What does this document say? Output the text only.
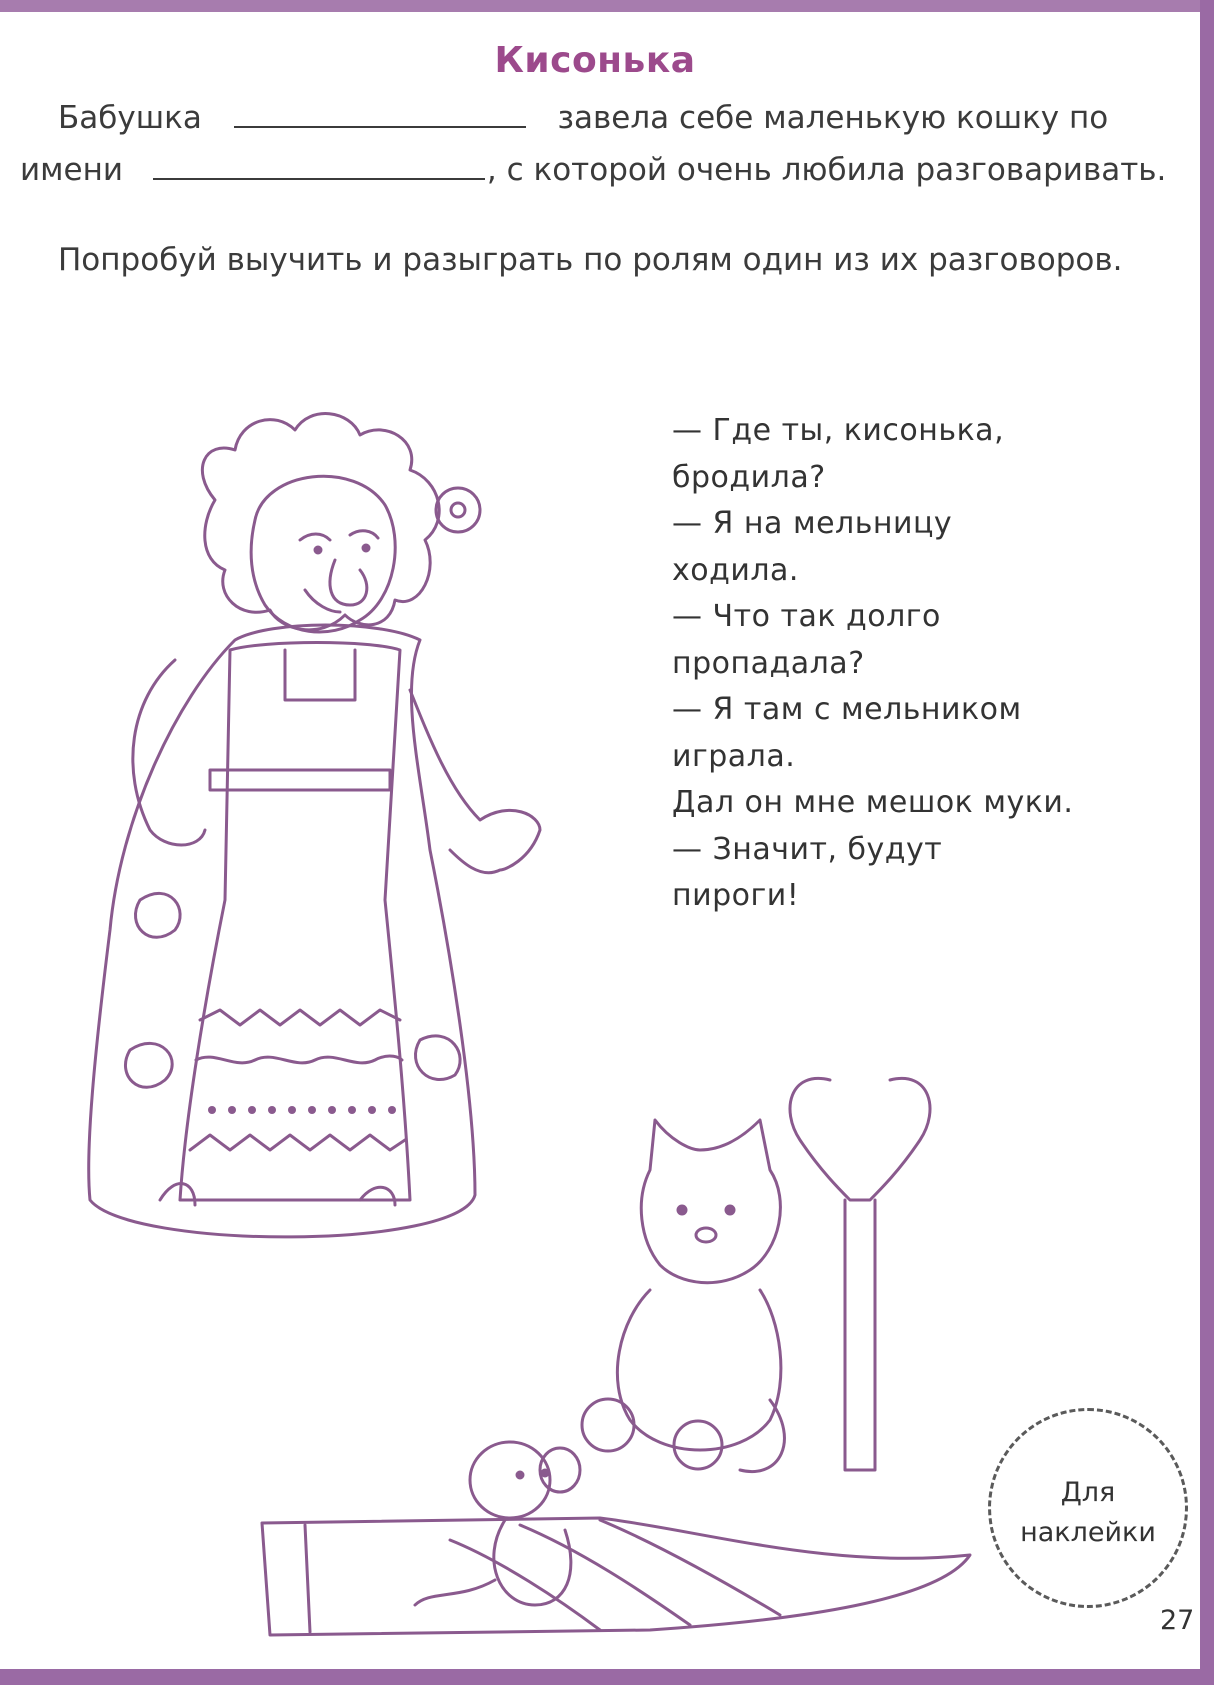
Кисонька
Бабушка	завела себе маленькую кошку по
имени	, с которой очень любила разговаривать.
Попробуй выучить и разыграть по ролям один из их разговоров.
— Где ты, кисонька,
бродила?
— Я на мельницу
ходила.
— Что так долго
пропадала?
— Я там с мельником
играла.
Дал он мне мешок муки.
— Значит, будут
пироги!
Для
наклейки
27
